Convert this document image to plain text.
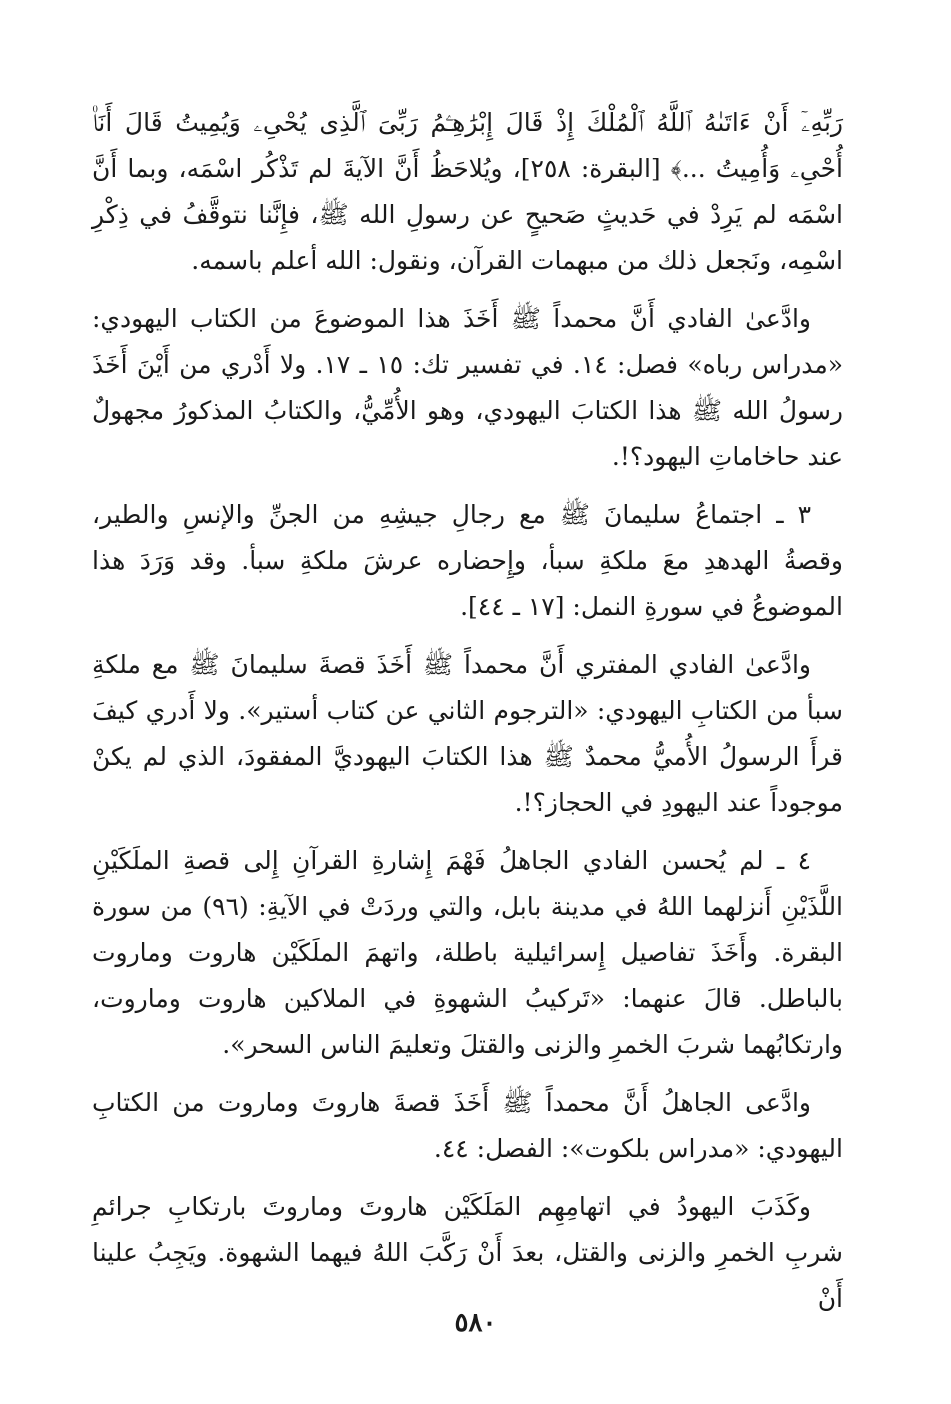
رَبِّهِۦٓ أَنْ ءَاتَىٰهُ ٱللَّهُ ٱلْمُلْكَ إِذْ قَالَ إِبْرَٰهِـۧمُ رَبِّىَ ٱلَّذِى يُحْىِۦ وَيُمِيتُ قَالَ أَنَا۠ أُحْىِۦ وَأُمِيتُ ...﴾ [البقرة: ٢٥٨]، ويُلاحَظُ أَنَّ الآيةَ لم تَذْكُر اسْمَه، وبما أَنَّ اسْمَه لم يَرِدْ في حَديثٍ صَحيحٍ عن رسولِ الله ﷺ، فإِنَّنا نتوقَّفُ في ذِكْرِ اسْمِه، ونَجعل ذلك من مبهمات القرآن، ونقول: الله أعلم باسمه.

وادَّعىٰ الفادي أَنَّ محمداً ﷺ أَخَذَ هذا الموضوعَ من الكتاب اليهودي: «مدراس رباه» فصل: ١٤. في تفسير تك: ١٥ ـ ١٧. ولا أَدْري من أَيْنَ أَخَذَ رسولُ الله ﷺ هذا الكتابَ اليهودي، وهو الأُمِّيُّ، والكتابُ المذكورُ مجهولٌ عند حاخاماتِ اليهود؟!.

٣ ـ اجتماعُ سليمانَ ﷺ مع رجالِ جيشِهِ من الجنِّ والإنسِ والطير، وقصةُ الهدهدِ معَ ملكةِ سبأ، وإِحضاره عرشَ ملكةِ سبأ. وقد وَرَدَ هذا الموضوعُ في سورةِ النمل: [١٧ ـ ٤٤].

وادَّعىٰ الفادي المفتري أَنَّ محمداً ﷺ أَخَذَ قصةَ سليمانَ ﷺ مع ملكةِ سبأ من الكتابِ اليهودي: «الترجوم الثاني عن كتاب أستير». ولا أَدري كيفَ قرأَ الرسولُ الأُميُّ محمدٌ ﷺ هذا الكتابَ اليهوديَّ المفقودَ، الذي لم يكنْ موجوداً عند اليهودِ في الحجاز؟!.

٤ ـ لم يُحسن الفادي الجاهلُ فَهْمَ إِشارةِ القرآنِ إِلى قصةِ الملَكَيْنِ اللَّذَيْنِ أَنزلهما اللهُ في مدينة بابل، والتي وردَتْ في الآيةِ: (٩٦) من سورة البقرة. وأَخَذَ تفاصيل إِسرائيلية باطلة، واتهمَ الملَكَيْن هاروت وماروت بالباطل. قالَ عنهما: «تَركيبُ الشهوةِ في الملاكين هاروت وماروت، وارتكابُهما شربَ الخمرِ والزنى والقتلَ وتعليمَ الناس السحر».

وادَّعى الجاهلُ أَنَّ محمداً ﷺ أَخَذَ قصةَ هاروتَ وماروت من الكتابِ اليهودي: «مدراس بلكوت»: الفصل: ٤٤.

وكَذَبَ اليهودُ في اتهامِهِم المَلَكَيْن هاروتَ وماروتَ بارتكابِ جرائمِ شربِ الخمرِ والزنى والقتل، بعدَ أَنْ رَكَّبَ اللهُ فيهما الشهوة. ويَجِبُ علينا أَنْ

٥٨٠
